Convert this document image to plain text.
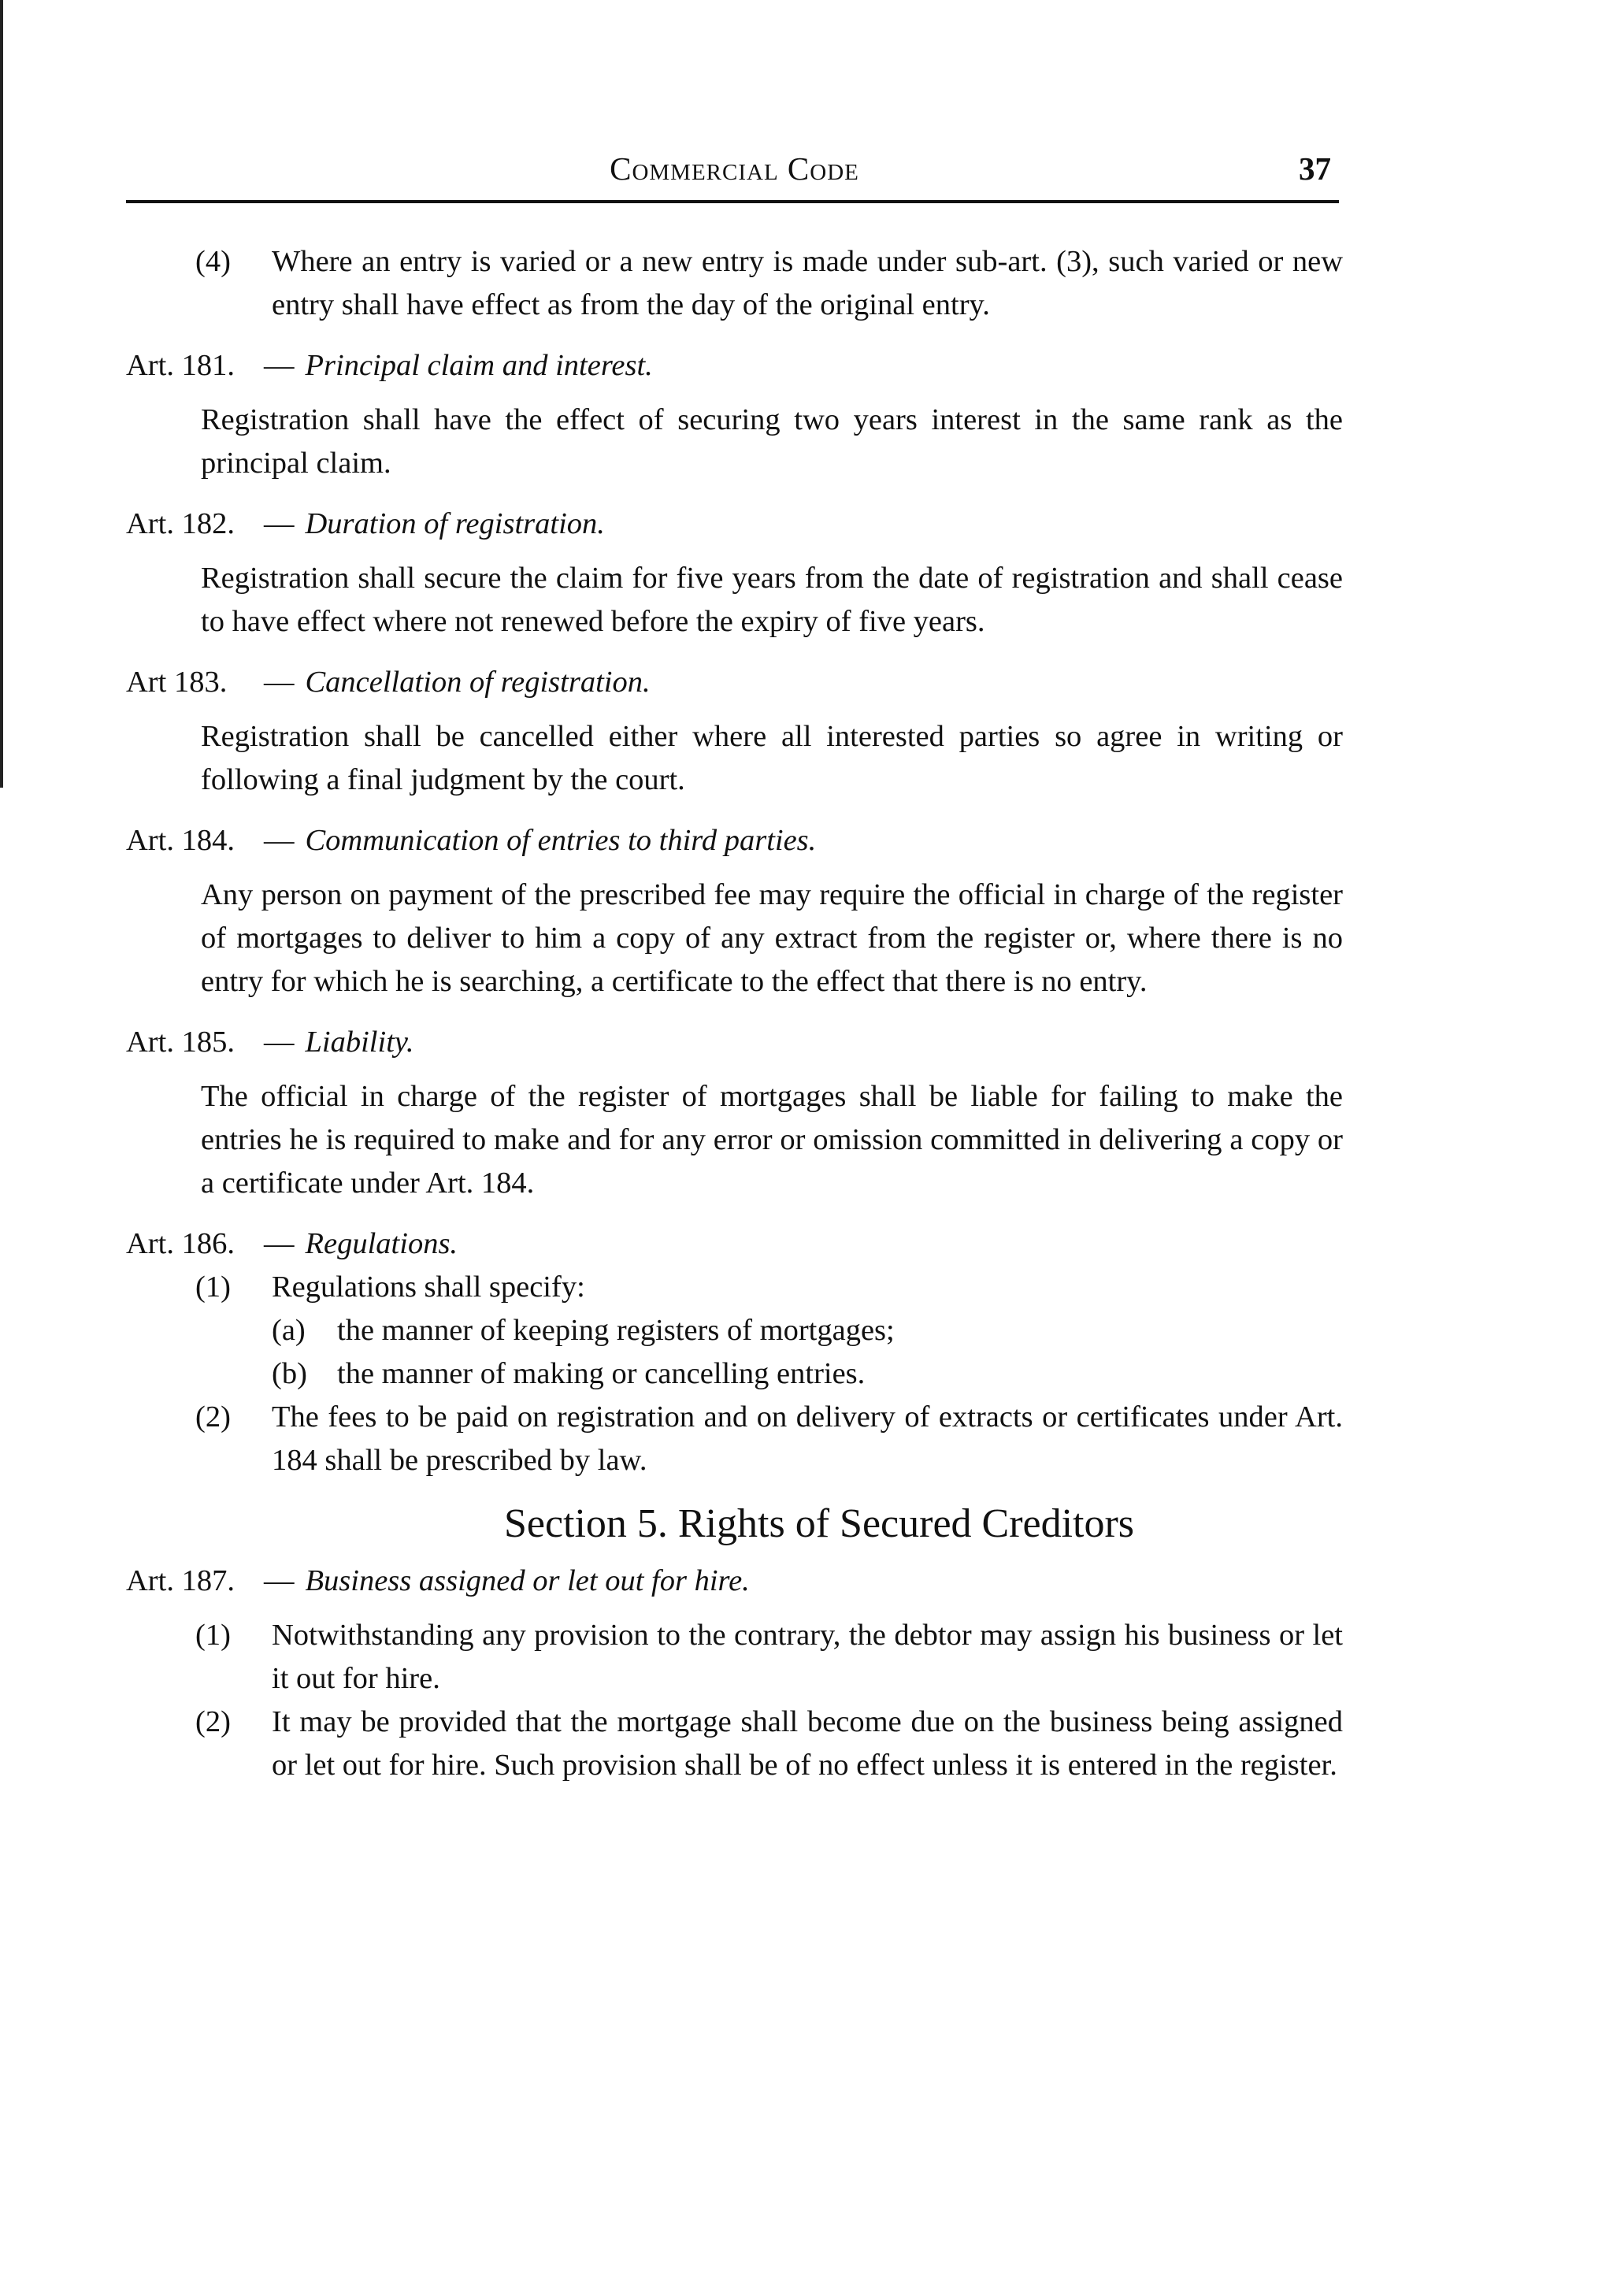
Commercial Code	37

(4) Where an entry is varied or a new entry is made under sub-art. (3), such varied or new entry shall have effect as from the day of the original entry.

Art. 181. — Principal claim and interest.

Registration shall have the effect of securing two years interest in the same rank as the principal claim.

Art. 182. — Duration of registration.

Registration shall secure the claim for five years from the date of registration and shall cease to have effect where not renewed before the expiry of five years.

Art 183.	— Cancellation of registration.

Registration shall be cancelled either where all interested parties so agree in writing or following a final judgment by the court.

Art. 184. — Communication of entries to third parties.

Any person on payment of the prescribed fee may require the official in charge of the register of mortgages to deliver to him a copy of any extract from the register or, where there is no entry for which he is searching, a certificate to the effect that there is no entry.

Art. 185. — Liability.

The official in charge of the register of mortgages shall be liable for failing to make the entries he is required to make and for any error or omission committed in delivering a copy or a certificate under Art. 184.

Art. 186. — Regulations.

(1) Regulations shall specify:

(a) the manner of keeping registers of mortgages;

(b) the manner of making or cancelling entries.

(2) The fees to be paid on registration and on delivery of extracts or certificates under Art. 184 shall be prescribed by law.

Section 5. Rights of Secured Creditors

Art. 187. — Business assigned or let out for hire.

(1) Notwithstanding any provision to the contrary, the debtor may assign his business or let it out for hire.

(2) It may be provided that the mortgage shall become due on the business being assigned or let out for hire. Such provision shall be of no effect unless it is entered in the register.
